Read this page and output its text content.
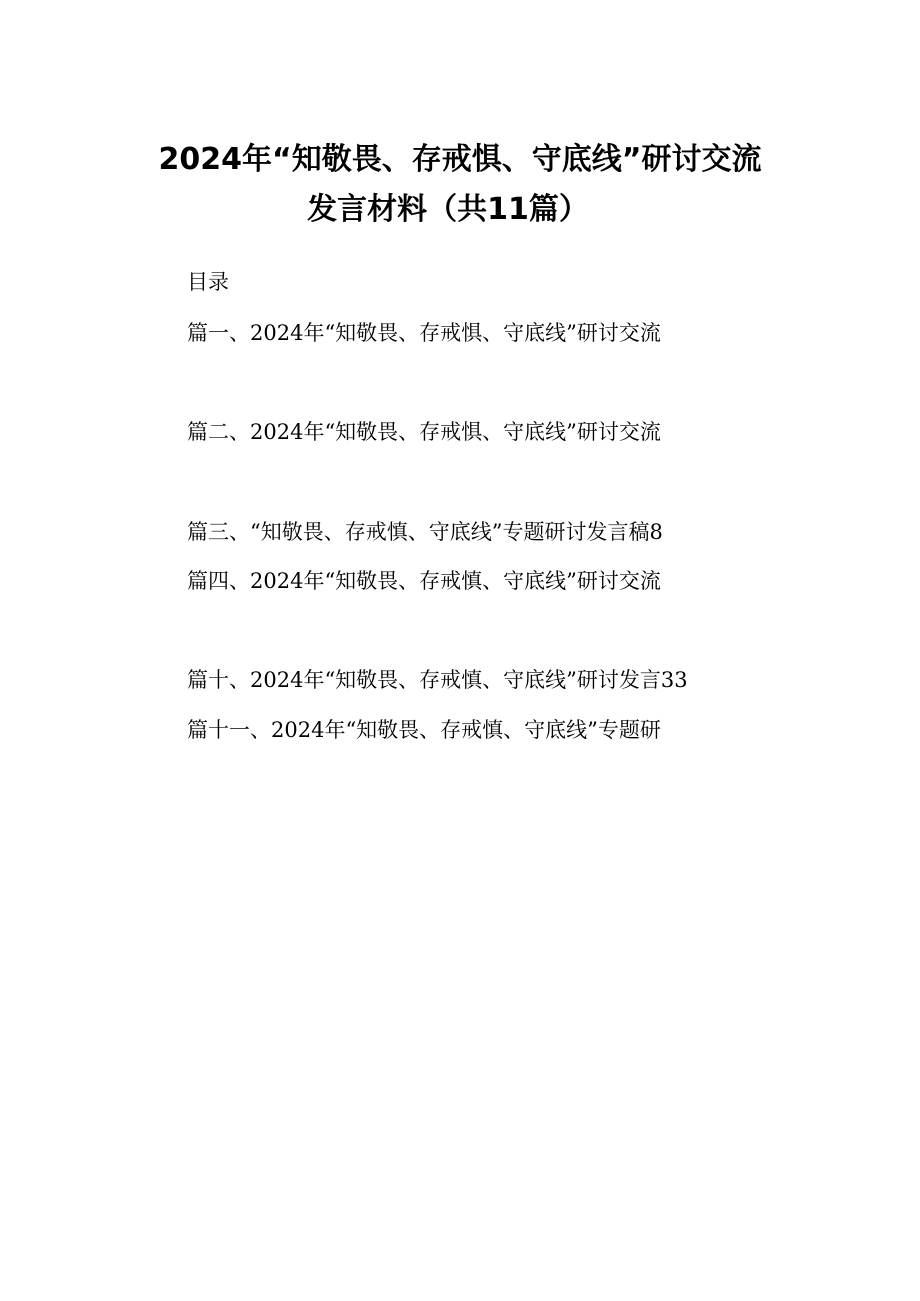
2024年“知敬畏、存戒惧、守底线”研讨交流
发言材料（共11篇）
目录
篇一、2024年“知敬畏、存戒惧、守底线”研讨交流
篇二、2024年“知敬畏、存戒惧、守底线”研讨交流
篇三、“知敬畏、存戒慎、守底线”专题研讨发言稿8
篇四、2024年“知敬畏、存戒慎、守底线”研讨交流
篇十、2024年“知敬畏、存戒慎、守底线”研讨发言33
篇十一、2024年“知敬畏、存戒慎、守底线”专题研
